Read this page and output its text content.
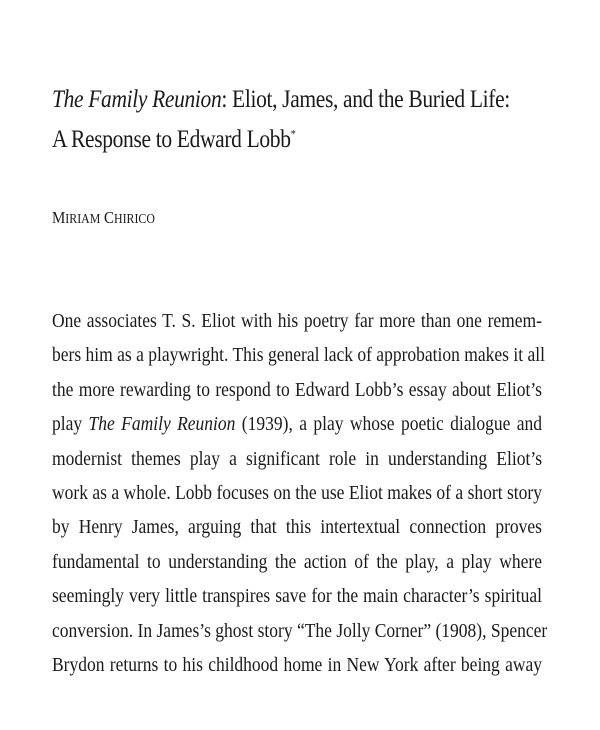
The Family Reunion: Eliot, James, and the Buried Life:
A Response to Edward Lobb*
MIRIAM CHIRICO
One associates T. S. Eliot with his poetry far more than one remem-
bers him as a playwright. This general lack of approbation makes it all
the more rewarding to respond to Edward Lobb’s essay about Eliot’s
play The Family Reunion (1939), a play whose poetic dialogue and
modernist themes play a significant role in understanding Eliot’s
work as a whole. Lobb focuses on the use Eliot makes of a short story
by Henry James, arguing that this intertextual connection proves
fundamental to understanding the action of the play, a play where
seemingly very little transpires save for the main character’s spiritual
conversion. In James’s ghost story “The Jolly Corner” (1908), Spencer
Brydon returns to his childhood home in New York after being away
